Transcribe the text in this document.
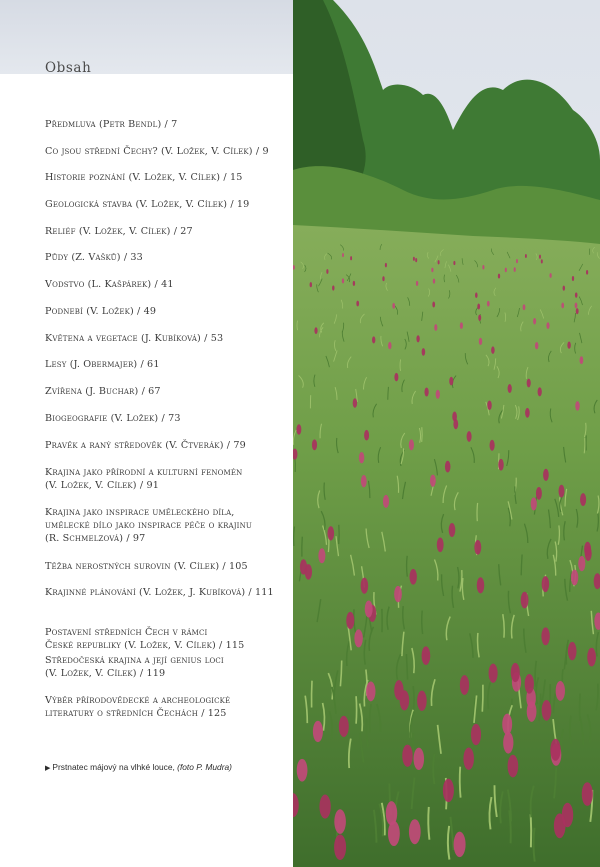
Obsah
Předmluva (Petr Bendl) / 7
Co jsou střední Čechy? (V. Ložek, V. Cílek) / 9
Historie poznání (V. Ložek, V. Cílek) / 15
Geologická stavba (V. Ložek, V. Cílek) / 19
Reliéf (V. Ložek, V. Cílek) / 27
Půdy (Z. Vašků) / 33
Vodstvo (L. Kašpárek) / 41
Podnebí (V. Ložek) / 49
Květena a vegetace (J. Kubíková) / 53
Lesy (J. Obermajer) / 61
Zvířena (J. Buchar) / 67
Biogeografie (V. Ložek) / 73
Pravěk a raný středověk (V. Čtverák) / 79
Krajina jako přírodní a kulturní fenomén
(V. Ložek, V. Cílek) / 91
Krajina jako inspirace uměleckého díla,
umělecké dílo jako inspirace péče o krajinu
(R. Schmelzová) / 97
Těžba nerostných surovin (V. Cílek) / 105
Krajinné plánování (V. Ložek, J. Kubíková) / 111
Postavení středních Čech v rámci
České republiky (V. Ložek, V. Cílek) / 115
Středočeská krajina a její genius loci
(V. Ložek, V. Cílek) / 119
Výběr přírodovědecké a archeologické
literatury o středních Čechách / 125
▶ Prstnatec májový na vlhké louce, (foto P. Mudra)
